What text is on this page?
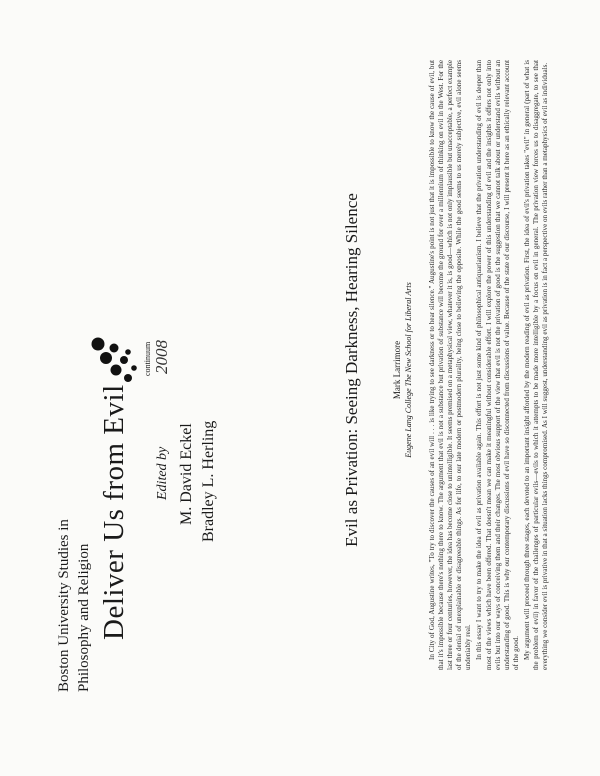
Deliver Us from Evil Edited by M. David Eckel Bradley L. Herling
Boston University Studies in Philosophy and Religion
continuum 2008	Evil as Privation: Seeing Darkness, Hearing Silence	Mark Larrimore Eugene Lang College The New School for Liberal Arts In City of God, Augustine writes, "To try to discover the causes of an evil will . . . is like trying to see darkness or to hear silence." Augustine's point is not just that it is impossible to know the cause of evil, but that it's impossible because there's nothing there to know. The argument that evil is not a substance but privation of substance will become the ground for over a millennium of thinking on evil in the West. For the last three or four centuries, however, the idea has become close to unintelligible. It seems premised on a metaphysical view, whatever it is, is good—which is not only implausible but unacceptable, a perfect example of the denial of unexplainable or disagreeable things. As for life, to our late modern or postmodern plurality, being close to believing the opposite. While the good seems to us merely subjective, evil alone seems undeniably real. In this essay I want to try to make the idea of evil as privation available again. This effort is not just some kind of philosophical antiquarianism. I believe that the privation understanding of evil is deeper than most of the views which have been offered. That doesn't mean we can make it meaningful without considerable effort. I will explore the power of this understanding of evil and the insights it offers not only into evils but into our ways of conceiving them and their changes. The most obvious support of the view that evil is not the privation of good is the suggestion that we cannot talk about or understand evils without an understanding of good. This is why our contemporary discussions of evil have so disconnected from discussions of value. Because of the state of our discourse, I will present it here as an ethically relevant account of the good. My argument will proceed through three stages, each devoted to an important insight afforded by the modern reading of evil as privation. First, the idea of evil's privation takes "evil" in general (part of what is the problem of evil) in favor of the challenges of particular evils—evils to which it attempts to be made more intelligible by a focus on evil in general. The privation view forces us to disaggregate, to see that everything we consider evil is privative in that a situation lacks things compromised. As I will suggest, understanding evil as privation is in fact a perspective on evils rather than a metaphysics of evil as individuals.
